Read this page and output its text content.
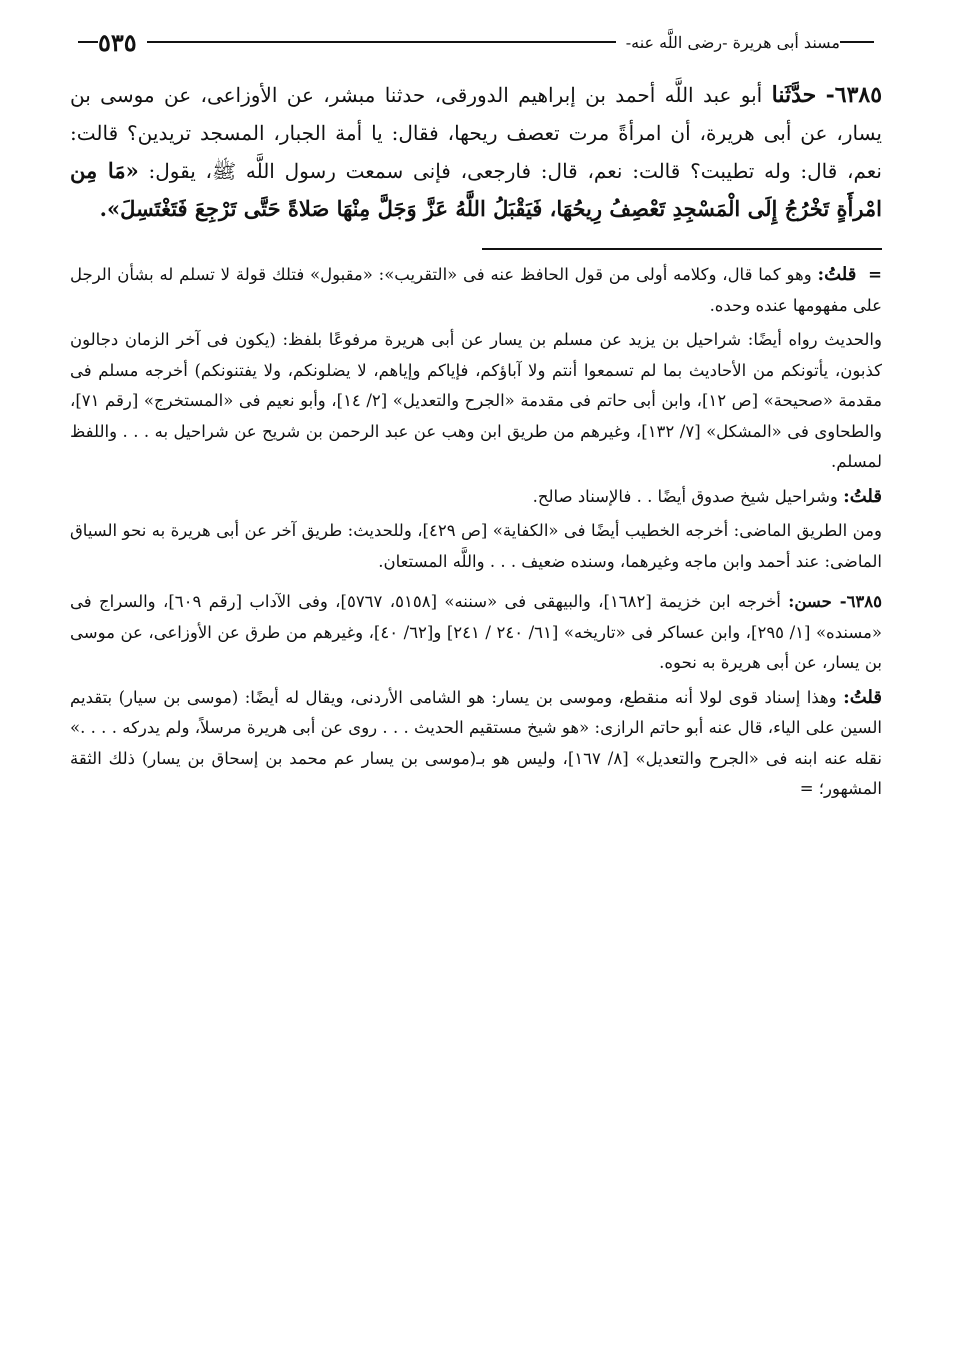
مسند أبى هريرة -رضى اللَّه عنه-
٥٣٥
٦٣٨٥- حدَّثَنا أبو عبد اللَّه أحمد بن إبراهيم الدورقى، حدثنا مبشر، عن الأوزاعى، عن موسى بن يسار، عن أبى هريرة، أن امرأةً مرت تعصف ريحها، فقال: يا أمة الجبار، المسجد تريدين؟ قالت: نعم، قال: وله تطيبت؟ قالت: نعم، قال: فارجعى، فإنى سمعت رسول اللَّه ﷺ، يقول: «مَا مِن امْرأَةٍ تَخْرُجُ إِلَى الْمَسْجِدِ تَعْصِفُ رِيحُهَا، فَيَقْبَلُ اللَّهُ عَزَّ وَجَلَّ مِنْهَا صَلاةً حَتَّى تَرْجِعَ فَتَغْتَسِلَ».

= قلتُ: وهو كما قال، وكلامه أولى من قول الحافظ عنه فى «التقريب»: «مقبول» فتلك قولة لا تسلم له بشأن الرجل على مفهومها عنده وحده.

والحديث رواه أيضًا: شراحيل بن يزيد عن مسلم بن يسار عن أبى هريرة مرفوعًا بلفظ: (يكون فى آخر الزمان دجالون كذبون، يأتونكم من الأحاديث بما لم تسمعوا أنتم ولا آباؤكم، فإياكم وإياهم، لا يضلونكم، ولا يفتنونكم) أخرجه مسلم فى مقدمة «صحيحة» [ص ١٢]، وابن أبى حاتم فى مقدمة «الجرح والتعديل» [٢/ ١٤]، وأبو نعيم فى «المستخرج» [رقم ٧١]، والطحاوى فى «المشكل» [٧/ ١٣٢]، وغيرهم من طريق ابن وهب عن عبد الرحمن بن شريح عن شراحيل به . . . واللفظ لمسلم.

قلتُ: وشراحيل شيخ صدوق أيضًا . . فالإسناد صالح.

ومن الطريق الماضى: أخرجه الخطيب أيضًا فى «الكفاية» [ص ٤٢٩]، وللحديث: طريق آخر عن أبى هريرة به نحو السياق الماضى: عند أحمد وابن ماجه وغيرهما، وسنده ضعيف . . . واللَّه المستعان.

٦٣٨٥- حسن: أخرجه ابن خزيمة [١٦٨٢]، والبيهقى فى «سننه» [٥١٥٨، ٥٧٦٧]، وفى الآداب [رقم ٦٠٩]، والسراج فى «مسنده» [١/ ٢٩٥]، وابن عساكر فى «تاريخه» [٦١/ ٢٤٠ / ٢٤١] و[٦٢/ ٤٠]، وغيرهم من طرق عن الأوزاعى، عن موسى بن يسار، عن أبى هريرة به نحوه.

قلتُ: وهذا إسناد قوى لولا أنه منقطع، وموسى بن يسار: هو الشامى الأردنى، ويقال له أيضًا: (موسى بن سيار) بتقديم السين على الياء، قال عنه أبو حاتم الرازى: «هو شيخ مستقيم الحديث . . . روى عن أبى هريرة مرسلاً، ولم يدركه . . . .» نقله عنه ابنه فى «الجرح والتعديل» [٨/ ١٦٧]، وليس هو بـ(موسى بن يسار عم محمد بن إسحاق بن يسار) ذلك الثقة المشهور؛ =
